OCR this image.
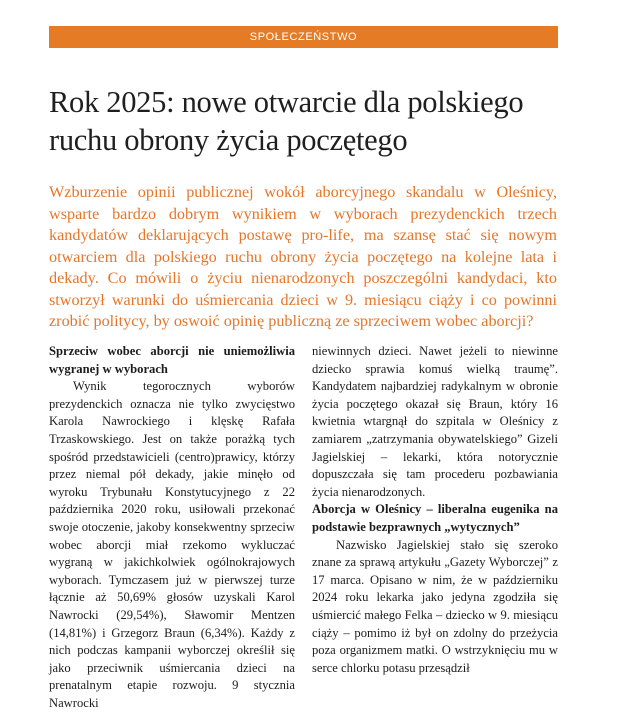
SPOŁECZEŃSTWO
Rok 2025: nowe otwarcie dla polskiego ruchu obrony życia poczętego

Wzburzenie opinii publicznej wokół aborcyjnego skandalu w Oleśnicy, wsparte bardzo dobrym wynikiem w wyborach prezydenckich trzech kandydatów deklarujących postawę pro-life, ma szansę stać się nowym otwarciem dla polskiego ruchu obrony życia poczętego na kolejne lata i dekady. Co mówili o życiu nienarodzonych poszczególni kandydaci, kto stworzył warunki do uśmiercania dzieci w 9. miesiącu ciąży i co powinni zrobić politycy, by oswoić opinię publiczną ze sprzeciwem wobec aborcji?

Sprzeciw wobec aborcji nie uniemożliwia wygranej w wyborach

Wynik tegorocznych wyborów prezydenckich oznacza nie tylko zwycięstwo Karola Nawrockiego i klęskę Rafała Trzaskowskiego. Jest on także porażką tych spośród przedstawicieli (centro)prawicy, którzy przez niemal pół dekady, jakie minęło od wyroku Trybunału Konstytucyjnego z 22 października 2020 roku, usiłowali przekonać swoje otoczenie, jakoby konsekwentny sprzeciw wobec aborcji miał rzekomo wykluczać wygraną w jakichkolwiek ogólnokrajowych wyborach. Tymczasem już w pierwszej turze łącznie aż 50,69% głosów uzyskali Karol Nawrocki (29,54%), Sławomir Mentzen (14,81%) i Grzegorz Braun (6,34%). Każdy z nich podczas kampanii wyborczej określił się jako przeciwnik uśmiercania dzieci na prenatalnym etapie rozwoju. 9 stycznia Nawrocki

niewinnych dzieci. Nawet jeżeli to niewinne dziecko sprawia komuś wielką traumę”. Kandydatem najbardziej radykalnym w obronie życia poczętego okazał się Braun, który 16 kwietnia wtargnął do szpitala w Oleśnicy z zamiarem „zatrzymania obywatelskiego” Gizeli Jagielskiej – lekarki, która notorycznie dopuszczała się tam procederu pozbawiania życia nienarodzonych.

Aborcja w Oleśnicy – liberalna eugenika na podstawie bezprawnych „wytycznych”

Nazwisko Jagielskiej stało się szeroko znane za sprawą artykułu „Gazety Wyborczej” z 17 marca. Opisano w nim, że w październiku 2024 roku lekarka jako jedyna zgodziła się uśmiercić małego Felka – dziecko w 9. miesiącu ciąży – pomimo iż był on zdolny do przeżycia poza organizmem matki. O wstrzyknięciu mu w serce chlorku potasu przesądził
